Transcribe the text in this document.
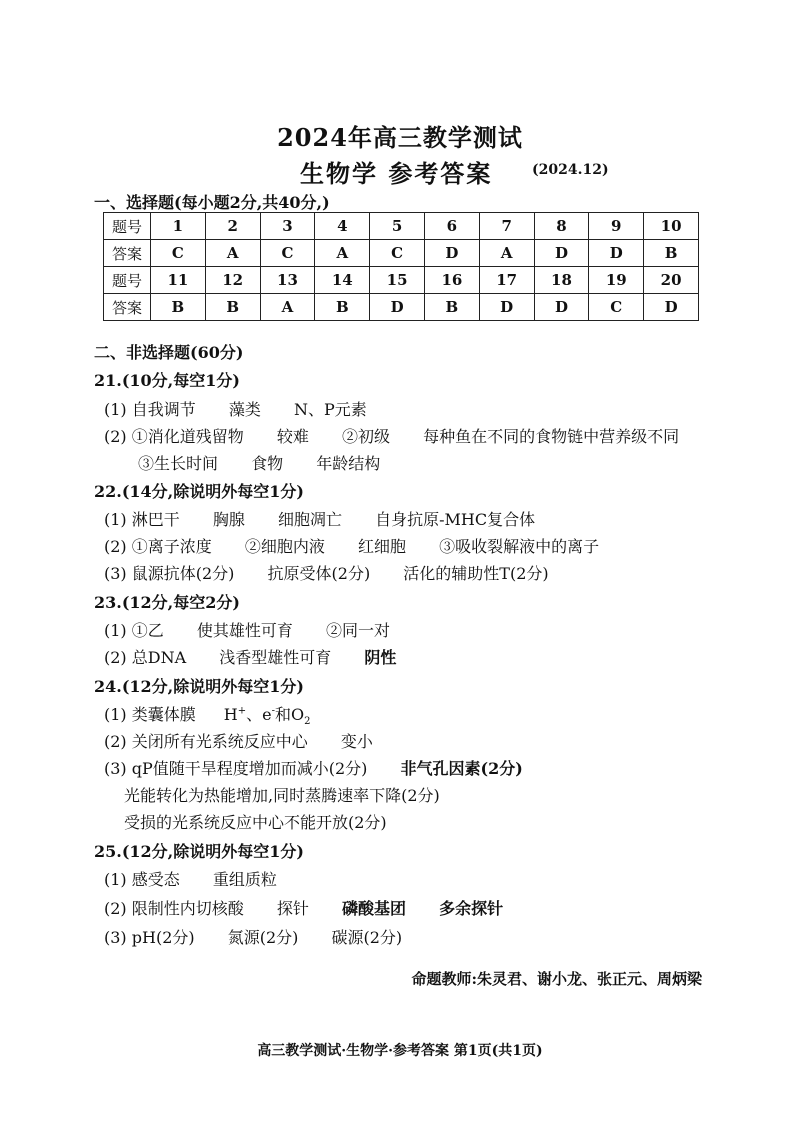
2024年高三教学测试
生物学 参考答案	(2024.12)
一、选择题(每小题2分,共40分,)
题号	1	2	3	4	5	6	7	8	9	10
答案	C	A	C	A	C	D	A	D	D	B
题号	11	12	13	14	15	16	17	18	19	20
答案	B	B	A	B	D	B	D	D	C	D
二、非选择题(60分)
21.(10分,每空1分)
(1) 自我调节 藻类 N、P元素
(2) ①消化道残留物 较难 ②初级 每种鱼在不同的食物链中营养级不同
③生长时间 食物 年龄结构
22.(14分,除说明外每空1分)
(1) 淋巴干 胸腺 细胞凋亡 自身抗原-MHC复合体
(2) ①离子浓度 ②细胞内液 红细胞 ③吸收裂解液中的离子
(3) 鼠源抗体(2分) 抗原受体(2分) 活化的辅助性T(2分)
23.(12分,每空2分)
(1) ①乙 使其雄性可育 ②同一对
(2) 总DNA 浅香型雄性可育 阴性
24.(12分,除说明外每空1分)
(1) 类囊体膜 H+、e-和$O_2$
(2) 关闭所有光系统反应中心 变小
(3) qP值随干旱程度增加而减小(2分) 非气孔因素(2分)
光能转化为热能增加,同时蒸腾速率下降(2分)
受损的光系统反应中心不能开放(2分)
25.(12分,除说明外每空1分)
(1) 感受态 重组质粒
(2) 限制性内切核酸 探针 磷酸基团 多余探针
(3) pH(2分) 氮源(2分) 碳源(2分)
命题教师:朱灵君、谢小龙、张正元、周炳梁
高三教学测试·生物学·参考答案 第1页(共1页)
